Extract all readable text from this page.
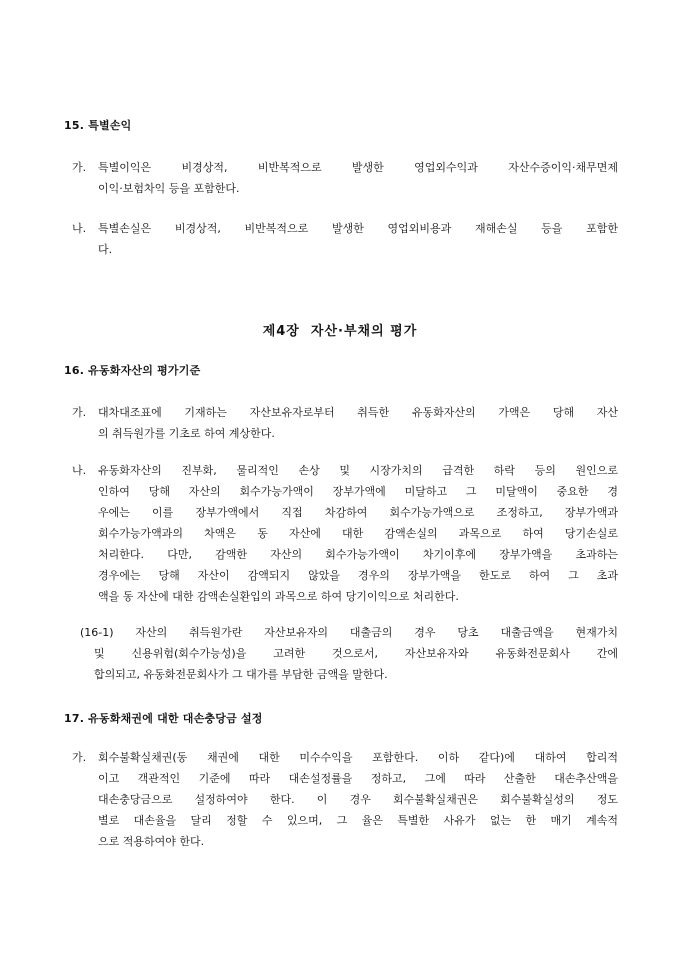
15. 특별손익
가. 특별이익은 비경상적, 비반복적으로 발생한 영업외수익과 자산수증이익·채무면제
이익·보험차익 등을 포함한다.
나. 특별손실은 비경상적, 비반복적으로 발생한 영업외비용과 재해손실 등을 포함한
다.
제4장  자산·부채의 평가
16. 유동화자산의 평가기준
가. 대차대조표에 기재하는 자산보유자로부터 취득한 유동화자산의 가액은 당해 자산
의 취득원가를 기초로 하여 계상한다.
나. 유동화자산의 진부화, 물리적인 손상 및 시장가치의 급격한 하락 등의 원인으로
인하여 당해 자산의 회수가능가액이 장부가액에 미달하고 그 미달액이 중요한 경
우에는 이를 장부가액에서 직접 차감하여 회수가능가액으로 조정하고, 장부가액과
회수가능가액과의 차액은 동 자산에 대한 감액손실의 과목으로 하여 당기손실로
처리한다. 다만, 감액한 자산의 회수가능가액이 차기이후에 장부가액을 초과하는
경우에는 당해 자산이 감액되지 않았을 경우의 장부가액을 한도로 하여 그 초과
액을 동 자산에 대한 감액손실환입의 과목으로 하여 당기이익으로 처리한다.
(16-1) 자산의 취득원가란 자산보유자의 대출금의 경우 당초 대출금액을 현재가치
및 신용위험(회수가능성)을 고려한 것으로서, 자산보유자와 유동화전문회사 간에
합의되고, 유동화전문회사가 그 대가를 부담한 금액을 말한다.
17. 유동화채권에 대한 대손충당금 설정
가. 회수불확실채권(동 채권에 대한 미수수익을 포함한다. 이하 같다)에 대하여 합리적
이고 객관적인 기준에 따라 대손설정률을 정하고, 그에 따라 산출한 대손추산액을
대손충당금으로 설정하여야 한다. 이 경우 회수불확실채권은 회수불확실성의 정도
별로 대손율을 달리 정할 수 있으며, 그 율은 특별한 사유가 없는 한 매기 계속적
으로 적용하여야 한다.
